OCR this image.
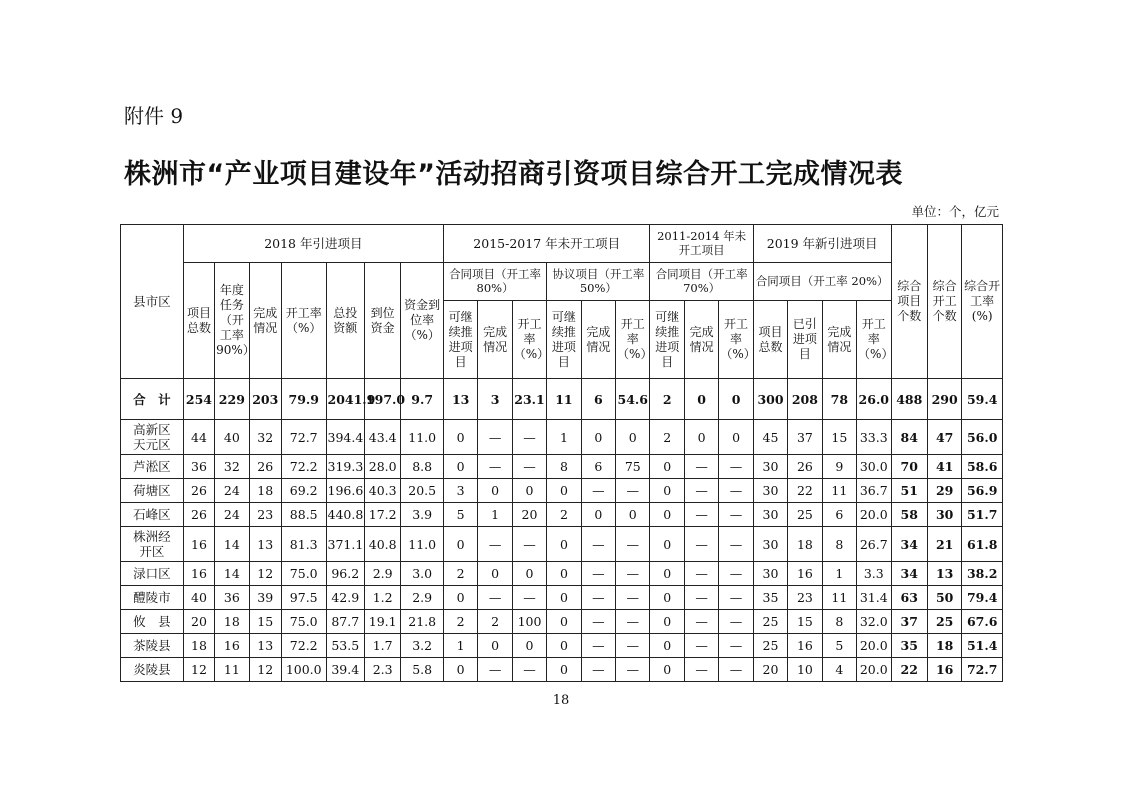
附件 9
株洲市“产业项目建设年”活动招商引资项目综合开工完成情况表
单位：个，亿元
县市区	2018 年引进项目							2015-2017 年未开工项目						2011-2014 年未开工项目			2019 年新引进项目				综合项目个数	综合开工个数	综合开工率(%)
	项目总数	年度任务（开工率90%）	完成情况	开工率（%）	总投资额	到位资金	资金到位率（%）	合同项目（开工率 80%）			协议项目（开工率 50%）			合同项目（开工率 70%）			合同项目（开工率 20%）						
								可继续推进项目	完成情况	开工率（%）	可继续推进项目	完成情况	开工率（%）	可继续推进项目	完成情况	开工率（%）	项目总数	已引进项目	完成情况	开工率（%）			
合　计	254	229	203	79.9	2041.9	197.0	9.7	13	3	23.1	11	6	54.6	2	0	0	300	208	78	26.0	488	290	59.4
高新区天元区	44	40	32	72.7	394.4	43.4	11.0	0	—	—	1	0	0	2	0	0	45	37	15	33.3	84	47	56.0
芦淞区	36	32	26	72.2	319.3	28.0	8.8	0	—	—	8	6	75	0	—	—	30	26	9	30.0	70	41	58.6
荷塘区	26	24	18	69.2	196.6	40.3	20.5	3	0	0	0	—	—	0	—	—	30	22	11	36.7	51	29	56.9
石峰区	26	24	23	88.5	440.8	17.2	3.9	5	1	20	2	0	0	0	—	—	30	25	6	20.0	58	30	51.7
株洲经开区	16	14	13	81.3	371.1	40.8	11.0	0	—	—	0	—	—	0	—	—	30	18	8	26.7	34	21	61.8
渌口区	16	14	12	75.0	96.2	2.9	3.0	2	0	0	0	—	—	0	—	—	30	16	1	3.3	34	13	38.2
醴陵市	40	36	39	97.5	42.9	1.2	2.9	0	—	—	0	—	—	0	—	—	35	23	11	31.4	63	50	79.4
攸　县	20	18	15	75.0	87.7	19.1	21.8	2	2	100	0	—	—	0	—	—	25	15	8	32.0	37	25	67.6
茶陵县	18	16	13	72.2	53.5	1.7	3.2	1	0	0	0	—	—	0	—	—	25	16	5	20.0	35	18	51.4
炎陵县	12	11	12	100.0	39.4	2.3	5.8	0	—	—	0	—	—	0	—	—	20	10	4	20.0	22	16	72.7
18
